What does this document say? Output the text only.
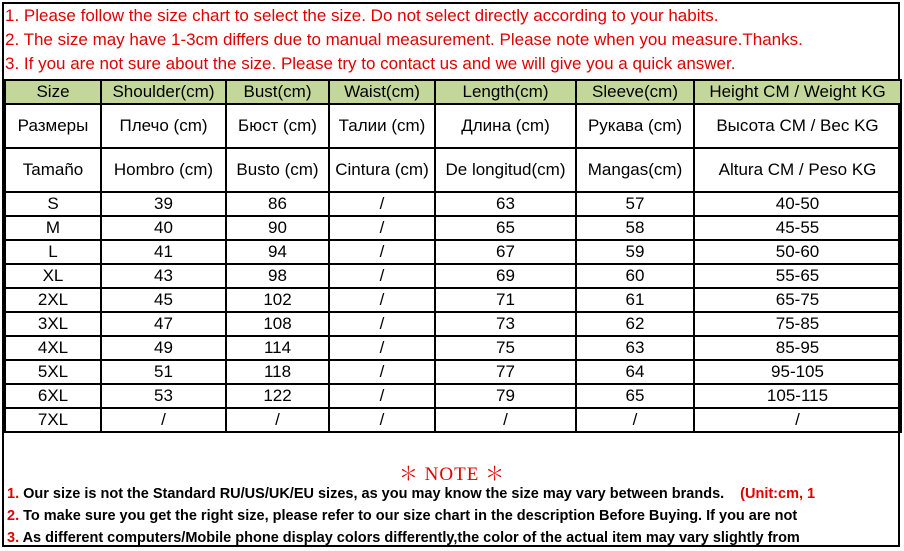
1. Please follow the size chart to select the size. Do not select directly according to your habits.
2. The size may have 1-3cm differs due to manual measurement. Please note when you measure.Thanks.
3. If you are not sure about the size. Please try to contact us and we will give you a quick answer.
Size	Shoulder(cm)	Bust(cm)	Waist(cm)	Length(cm)	Sleeve(cm)	Height CM / Weight KG
Размеры	Плечо (cm)	Бюст (cm)	Талии (cm)	Длина (cm)	Рукава (cm)	Высота CM / Вес KG
Tamaño	Hombro (cm)	Busto (cm)	Cintura (cm)	De longitud(cm)	Mangas(cm)	Altura CM / Peso KG
S	39	86	/	63	57	40-50
M	40	90	/	65	58	45-55
L	41	94	/	67	59	50-60
XL	43	98	/	69	60	55-65
2XL	45	102	/	71	61	65-75
3XL	47	108	/	73	62	75-85
4XL	49	114	/	75	63	85-95
5XL	51	118	/	77	64	95-105
6XL	53	122	/	79	65	105-115
7XL	/	/	/	/	/	/
＊ NOTE ＊
1. Our size is not the Standard RU/US/UK/EU sizes, as you may know the size may vary between brands. (Unit:cm, 1
2. To make sure you get the right size, please refer to our size chart in the description Before Buying. If you are not
3. As different computers/Mobile phone display colors differently,the color of the actual item may vary slightly from
